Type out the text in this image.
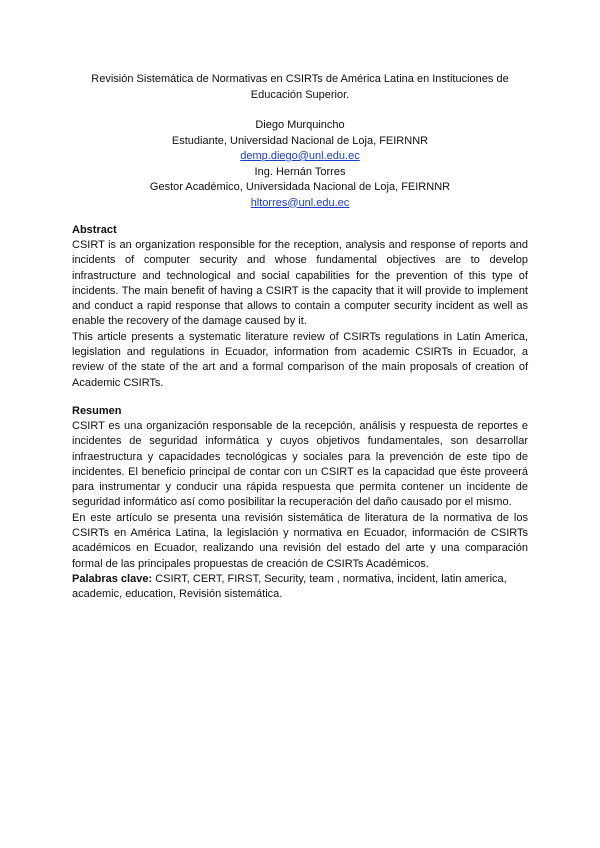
Revisión Sistemática de Normativas en CSIRTs de América Latina en Instituciones de Educación Superior.
Diego Murquincho
Estudiante, Universidad Nacional de Loja, FEIRNNR
demp.diego@unl.edu.ec
Ing. Hernán Torres
Gestor Académico, Universidada Nacional de Loja, FEIRNNR
hltorres@unl.edu.ec
Abstract

CSIRT is an organization responsible for the reception, analysis and response of reports and incidents of computer security and whose fundamental objectives are to develop infrastructure and technological and social capabilities for the prevention of this type of incidents. The main benefit of having a CSIRT is the capacity that it will provide to implement and conduct a rapid response that allows to contain a computer security incident as well as enable the recovery of the damage caused by it.

This article presents a systematic literature review of CSIRTs regulations in Latin America, legislation and regulations in Ecuador, information from academic CSIRTs in Ecuador, a review of the state of the art and a formal comparison of the main proposals of creation of Academic CSIRTs.

Resumen

CSIRT es una organización responsable de la recepción, análisis y respuesta de reportes e incidentes de seguridad informática y cuyos objetivos fundamentales, son desarrollar infraestructura y capacidades tecnológicas y sociales para la prevención de este tipo de incidentes. El beneficio principal de contar con un CSIRT es la capacidad que éste proveerá para instrumentar y conducir una rápida respuesta que permita contener un incidente de seguridad informático así como posibilitar la recuperación del daño causado por el mismo.

En este artículo se presenta una revisión sistemática de literatura de la normativa de los CSIRTs en América Latina, la legislación y normativa en Ecuador, información de CSIRTs académicos en Ecuador, realizando una revisión del estado del arte y una comparación formal de las principales propuestas de creación de CSIRTs Académicos.

Palabras clave: CSIRT, CERT, FIRST, Security, team , normativa, incident, latin america, academic, education, Revisión sistemática.
